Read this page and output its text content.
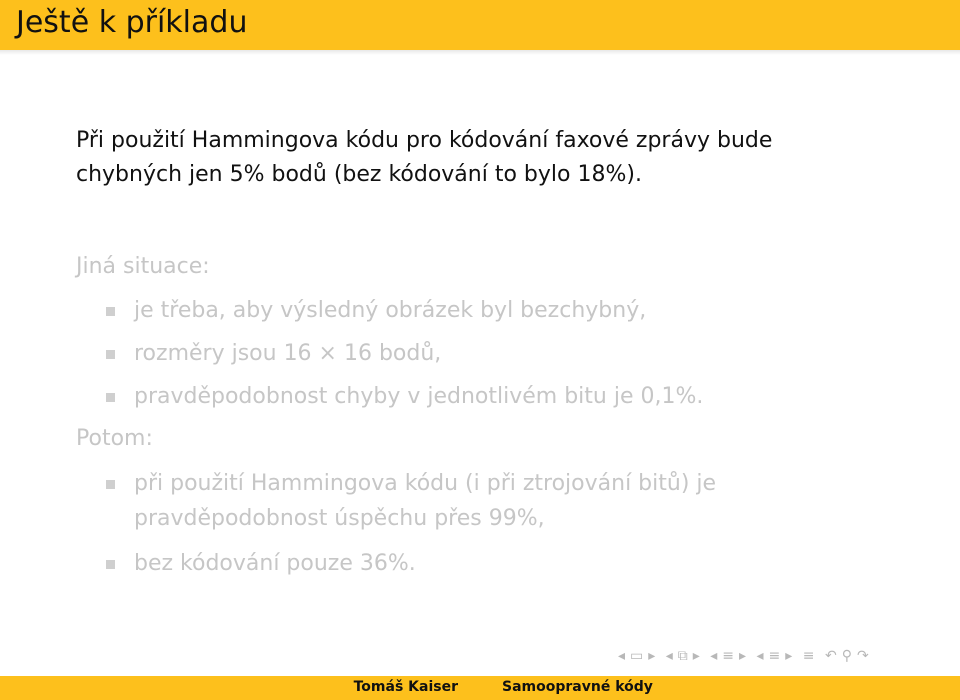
Ještě k příkladu
Při použití Hammingova kódu pro kódování faxové zprávy bude
chybných jen 5% bodů (bez kódování to bylo 18%).
Jiná situace:
je třeba, aby výsledný obrázek byl bezchybný,
rozměry jsou 16 × 16 bodů,
pravděpodobnost chyby v jednotlivém bitu je 0,1%.
Potom:
při použití Hammingova kódu (i při ztrojování bitů) je
pravděpodobnost úspěchu přes 99%,
bez kódování pouze 36%.
◂ ▭ ▸ ◂ ⧉ ▸ ◂ ≡ ▸ ◂ ≡ ▸ ≡ ↶ ⚲ ↷
Tomáš Kaiser	Samoopravné kódy
